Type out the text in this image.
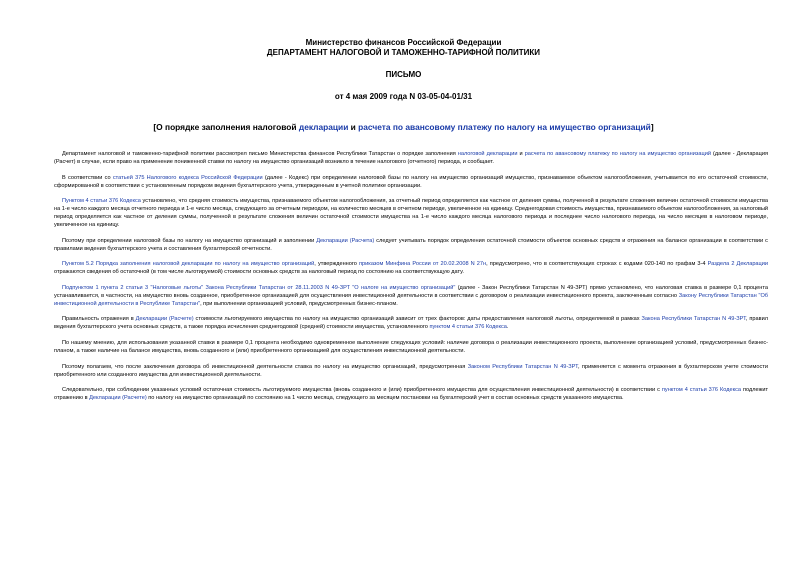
Министерство финансов Российской Федерации
ДЕПАРТАМЕНТ НАЛОГОВОЙ И ТАМОЖЕННО-ТАРИФНОЙ ПОЛИТИКИ
ПИСЬМО
от 4 мая 2009 года N 03-05-04-01/31
[О порядке заполнения налоговой декларации и расчета по авансовому платежу по налогу на имущество организаций]

Департамент налоговой и таможенно-тарифной политики рассмотрел письмо Министерства финансов Республики Татарстан о порядке заполнения налоговой декларации и расчета по авансовому платежу по налогу на имущество организаций (далее - Декларация (Расчет) в случае, если право на применение пониженной ставки по налогу на имущество организаций возникло в течение налогового (отчетного) периода, и сообщает.

В соответствии со статьей 375 Налогового кодекса Российской Федерации (далее - Кодекс) при определении налоговой базы по налогу на имущество организаций имущество, признаваемое объектом налогообложения, учитывается по его остаточной стоимости, сформированной в соответствии с установленным порядком ведения бухгалтерского учета, утвержденным в учетной политике организации.

Пунктом 4 статьи 376 Кодекса установлено, что средняя стоимость имущества, признаваемого объектом налогообложения, за отчетный период определяется как частное от деления суммы, полученной в результате сложения величин остаточной стоимости имущества на 1-е число каждого месяца отчетного периода и 1-е число месяца, следующего за отчетным периодом, на количество месяцев в отчетном периоде, увеличенное на единицу. Среднегодовая стоимость имущества, признаваемого объектом налогообложения, за налоговый период определяется как частное от деления суммы, полученной в результате сложения величин остаточной стоимости имущества на 1-е число каждого месяца налогового периода и последнее число налогового периода, на число месяцев в налоговом периоде, увеличенное на единицу.

Поэтому при определении налоговой базы по налогу на имущество организаций и заполнении Декларации (Расчета) следует учитывать порядок определения остаточной стоимости объектов основных средств и отражения на балансе организации в соответствии с правилами ведения бухгалтерского учета и составления бухгалтерской отчетности.

Пунктом 5.2 Порядка заполнения налоговой декларации по налогу на имущество организаций, утвержденного приказом Минфина России от 20.02.2008 N 27н, предусмотрено, что в соответствующих строках с кодами 020-140 по графам 3-4 Раздела 2 Декларации отражаются сведения об остаточной (в том числе льготируемой) стоимости основных средств за налоговый период по состоянию на соответствующую дату.

Подпунктом 1 пункта 2 статьи 3 "Налоговые льготы" Закона Республики Татарстан от 28.11.2003 N 49-ЗРТ "О налоге на имущество организаций" (далее - Закон Республики Татарстан N 49-ЗРТ) прямо установлено, что налоговая ставка в размере 0,1 процента устанавливается, в частности, на имущество вновь созданное, приобретенное организацией для осуществления инвестиционной деятельности в соответствии с договором о реализации инвестиционного проекта, заключенным согласно Закону Республики Татарстан "Об инвестиционной деятельности в Республике Татарстан", при выполнении организацией условий, предусмотренных бизнес-планом.

Правильность отражения в Декларации (Расчете) стоимости льготируемого имущества по налогу на имущество организаций зависит от трех факторов: даты предоставления налоговой льготы, определяемой в рамках Закона Республики Татарстан N 49-ЗРТ, правил ведения бухгалтерского учета основных средств, а также порядка исчисления среднегодовой (средней) стоимости имущества, установленного пунктом 4 статьи 376 Кодекса.

По нашему мнению, для использования указанной ставки в размере 0,1 процента необходимо одновременное выполнение следующих условий: наличие договора о реализации инвестиционного проекта, выполнение организацией условий, предусмотренных бизнес-планом, а также наличие на балансе имущества, вновь созданного и (или) приобретенного организацией для осуществления инвестиционной деятельности.

Поэтому полагаем, что после заключения договора об инвестиционной деятельности ставка по налогу на имущество организаций, предусмотренная Законом Республики Татарстан N 49-ЗРТ, применяется с момента отражения в бухгалтерском учете стоимости приобретенного или созданного имущества для инвестиционной деятельности.

Следовательно, при соблюдении указанных условий остаточная стоимость льготируемого имущества (вновь созданного и (или) приобретенного имущества для осуществления инвестиционной деятельности) в соответствии с пунктом 4 статьи 376 Кодекса подлежит отражению в Декларации (Расчете) по налогу на имущество организаций по состоянию на 1 число месяца, следующего за месяцем постановки на бухгалтерский учет в состав основных средств указанного имущества.
